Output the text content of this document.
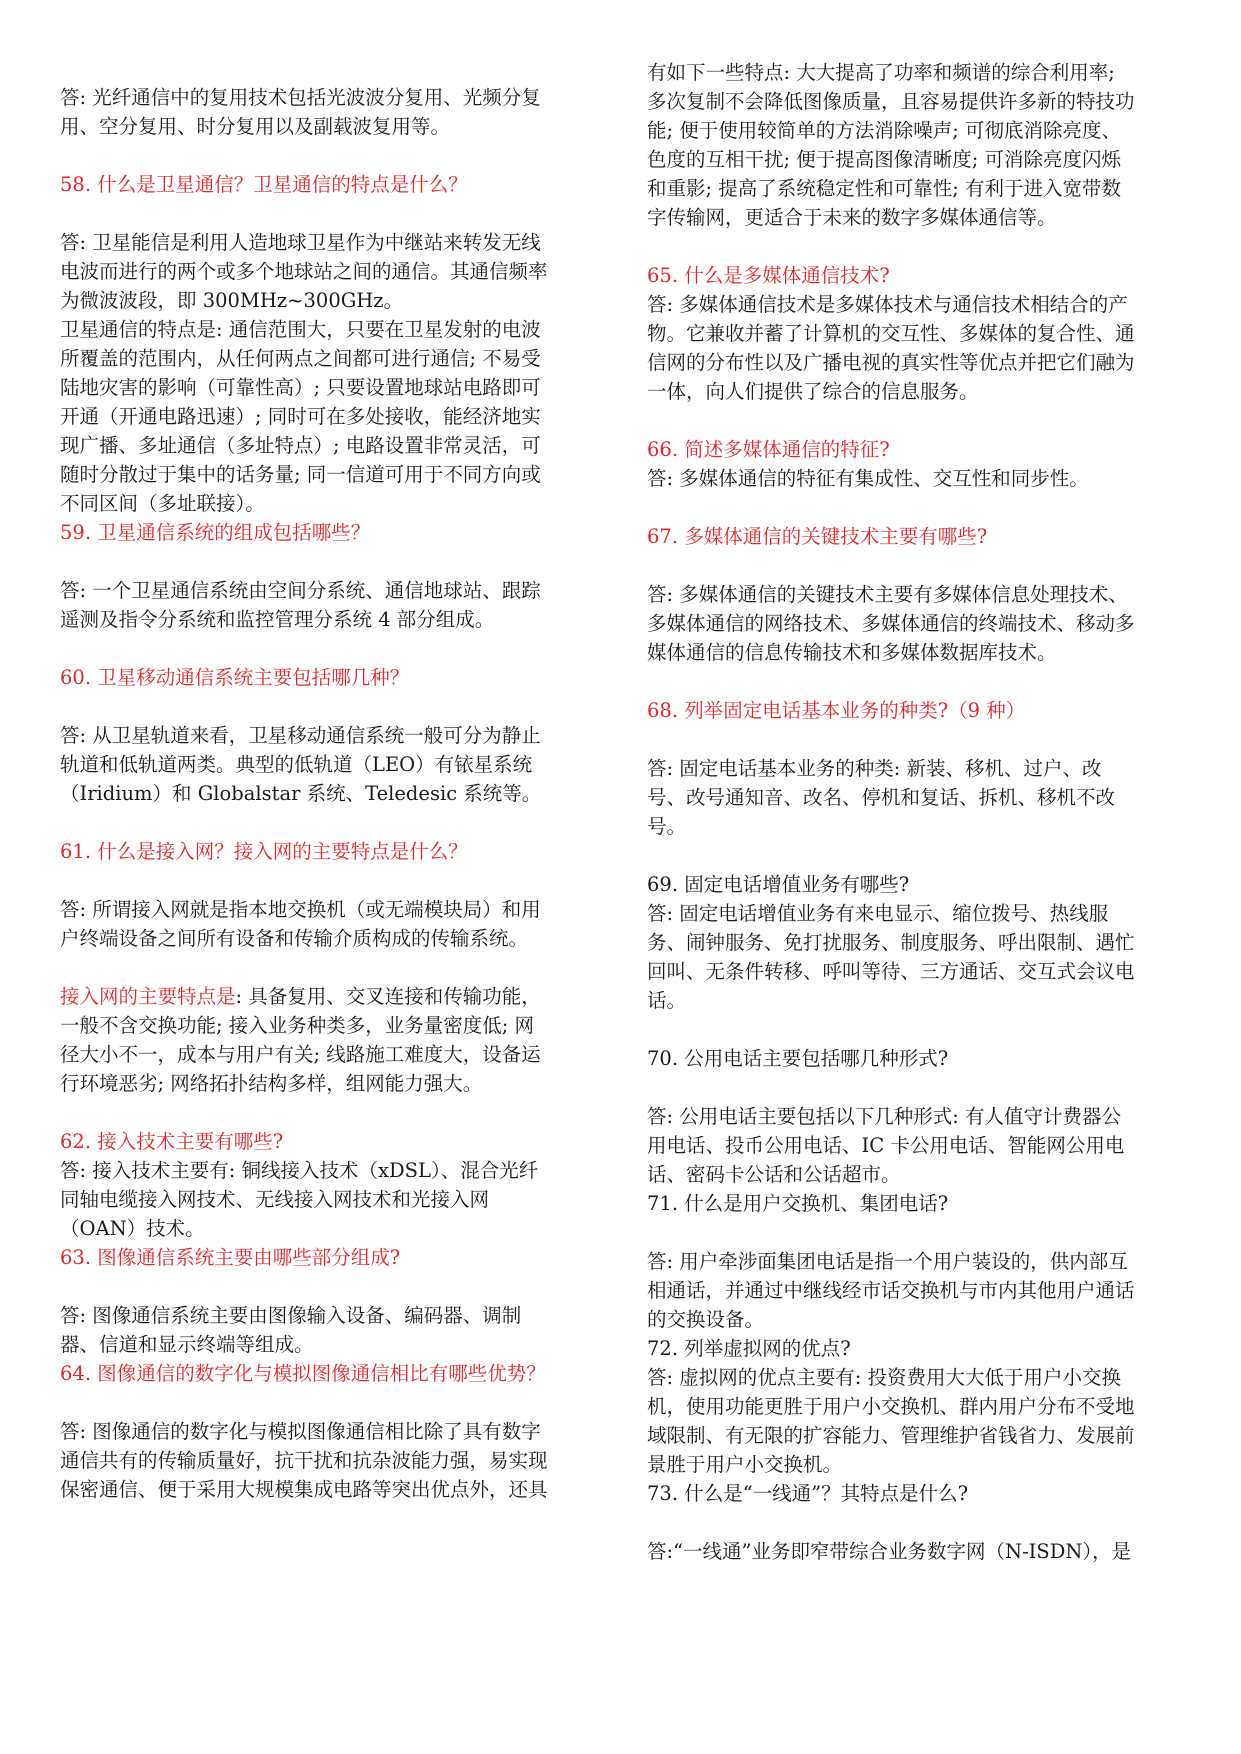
答: 光纤通信中的复用技术包括光波波分复用、光频分复用、空分复用、时分复用以及副载波复用等。

58. 什么是卫星通信？卫星通信的特点是什么？

答: 卫星能信是利用人造地球卫星作为中继站来转发无线电波而进行的两个或多个地球站之间的通信。其通信频率为微波波段，即 300MHz~300GHz。

卫星通信的特点是: 通信范围大，只要在卫星发射的电波所覆盖的范围内，从任何两点之间都可进行通信; 不易受陆地灾害的影响（可靠性高）; 只要设置地球站电路即可开通（开通电路迅速）; 同时可在多处接收，能经济地实现广播、多址通信（多址特点）; 电路设置非常灵活，可随时分散过于集中的话务量; 同一信道可用于不同方向或不同区间（多址联接）。

59. 卫星通信系统的组成包括哪些？

答: 一个卫星通信系统由空间分系统、通信地球站、跟踪遥测及指令分系统和监控管理分系统 4 部分组成。

60. 卫星移动通信系统主要包括哪几种？

答: 从卫星轨道来看，卫星移动通信系统一般可分为静止轨道和低轨道两类。典型的低轨道（LEO）有铱星系统（Iridium）和 Globalstar 系统、Teledesic 系统等。

61. 什么是接入网？接入网的主要特点是什么？

答: 所谓接入网就是指本地交换机（或无端模块局）和用户终端设备之间所有设备和传输介质构成的传输系统。

接入网的主要特点是: 具备复用、交叉连接和传输功能，一般不含交换功能; 接入业务种类多，业务量密度低; 网径大小不一，成本与用户有关; 线路施工难度大，设备运行环境恶劣; 网络拓扑结构多样，组网能力强大。

62. 接入技术主要有哪些?

答: 接入技术主要有: 铜线接入技术（xDSL）、混合光纤同轴电缆接入网技术、无线接入网技术和光接入网（OAN）技术。

63. 图像通信系统主要由哪些部分组成?

答: 图像通信系统主要由图像输入设备、编码器、调制器、信道和显示终端等组成。

64. 图像通信的数字化与模拟图像通信相比有哪些优势？

答: 图像通信的数字化与模拟图像通信相比除了具有数字通信共有的传输质量好，抗干扰和抗杂波能力强，易实现保密通信、便于采用大规模集成电路等突出优点外，还具

有如下一些特点: 大大提高了功率和频谱的综合利用率; 多次复制不会降低图像质量，且容易提供许多新的特技功能; 便于使用较简单的方法消除噪声; 可彻底消除亮度、色度的互相干扰; 便于提高图像清晰度; 可消除亮度闪烁和重影; 提高了系统稳定性和可靠性; 有利于进入宽带数字传输网，更适合于未来的数字多媒体通信等。

65. 什么是多媒体通信技术?

答: 多媒体通信技术是多媒体技术与通信技术相结合的产物。它兼收并蓄了计算机的交互性、多媒体的复合性、通信网的分布性以及广播电视的真实性等优点并把它们融为一体，向人们提供了综合的信息服务。

66. 简述多媒体通信的特征?

答: 多媒体通信的特征有集成性、交互性和同步性。

67. 多媒体通信的关键技术主要有哪些?

答: 多媒体通信的关键技术主要有多媒体信息处理技术、多媒体通信的网络技术、多媒体通信的终端技术、移动多媒体通信的信息传输技术和多媒体数据库技术。

68. 列举固定电话基本业务的种类?（9 种）

答: 固定电话基本业务的种类: 新装、移机、过户、改号、改号通知音、改名、停机和复话、拆机、移机不改号。

69. 固定电话增值业务有哪些?

答: 固定电话增值业务有来电显示、缩位拨号、热线服务、闹钟服务、免打扰服务、制度服务、呼出限制、遇忙回叫、无条件转移、呼叫等待、三方通话、交互式会议电话。

70. 公用电话主要包括哪几种形式?

答: 公用电话主要包括以下几种形式: 有人值守计费器公用电话、投币公用电话、IC 卡公用电话、智能网公用电话、密码卡公话和公话超市。

71. 什么是用户交换机、集团电话?

答: 用户牵涉面集团电话是指一个用户装设的，供内部互相通话，并通过中继线经市话交换机与市内其他用户通话的交换设备。

72. 列举虚拟网的优点?

答: 虚拟网的优点主要有: 投资费用大大低于用户小交换机，使用功能更胜于用户小交换机、群内用户分布不受地域限制、有无限的扩容能力、管理维护省钱省力、发展前景胜于用户小交换机。

73. 什么是“一线通”？其特点是什么?

答:“一线通”业务即窄带综合业务数字网（N-ISDN），是
